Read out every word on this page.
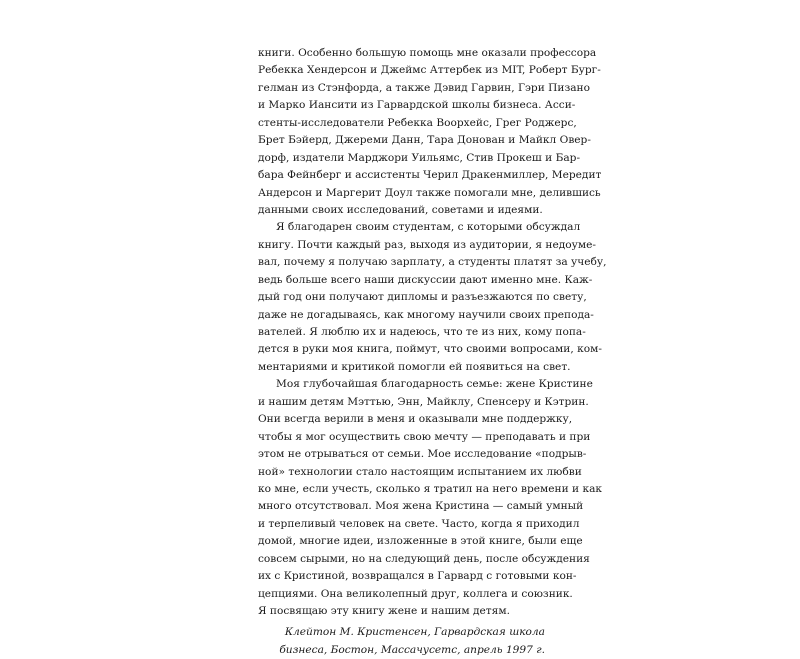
книги. Особенно большую помощь мне оказали профессора
Ребекка Хендерсон и Джеймс Аттербек из MIT, Роберт Бург-
гелман из Стэнфорда, а также Дэвид Гарвин, Гэри Пизано
и Марко Иансити из Гарвардской школы бизнеса. Асси-
стенты-исследователи Ребекка Воорхейс, Грег Роджерс,
Брет Бэйерд, Джереми Данн, Тара Донован и Майкл Овер-
дорф, издатели Марджори Уильямс, Стив Прокеш и Бар-
бара Фейнберг и ассистенты Черил Дракенмиллер, Мередит
Андерсон и Маргерит Доул также помогали мне, делившись
данными своих исследований, советами и идеями.
Я благодарен своим студентам, с которыми обсуждал
книгу. Почти каждый раз, выходя из аудитории, я недоуме-
вал, почему я получаю зарплату, а студенты платят за учебу,
ведь больше всего наши дискуссии дают именно мне. Каж-
дый год они получают дипломы и разъезжаются по свету,
даже не догадываясь, как многому научили своих препода-
вателей. Я люблю их и надеюсь, что те из них, кому попа-
дется в руки моя книга, поймут, что своими вопросами, ком-
ментариями и критикой помогли ей появиться на свет.
Моя глубочайшая благодарность семье: жене Кристине
и нашим детям Мэттью, Энн, Майклу, Спенсеру и Кэтрин.
Они всегда верили в меня и оказывали мне поддержку,
чтобы я мог осуществить свою мечту — преподавать и при
этом не отрываться от семьи. Мое исследование «подрыв-
ной» технологии стало настоящим испытанием их любви
ко мне, если учесть, сколько я тратил на него времени и как
много отсутствовал. Моя жена Кристина — самый умный
и терпеливый человек на свете. Часто, когда я приходил
домой, многие идеи, изложенные в этой книге, были еще
совсем сырыми, но на следующий день, после обсуждения
их с Кристиной, возвращался в Гарвард с готовыми кон-
цепциями. Она великолепный друг, коллега и союзник.
Я посвящаю эту книгу жене и нашим детям.
Клейтон М. Кристенсен, Гарвардская школа
бизнеса, Бостон, Массачусетс, апрель 1997 г.
